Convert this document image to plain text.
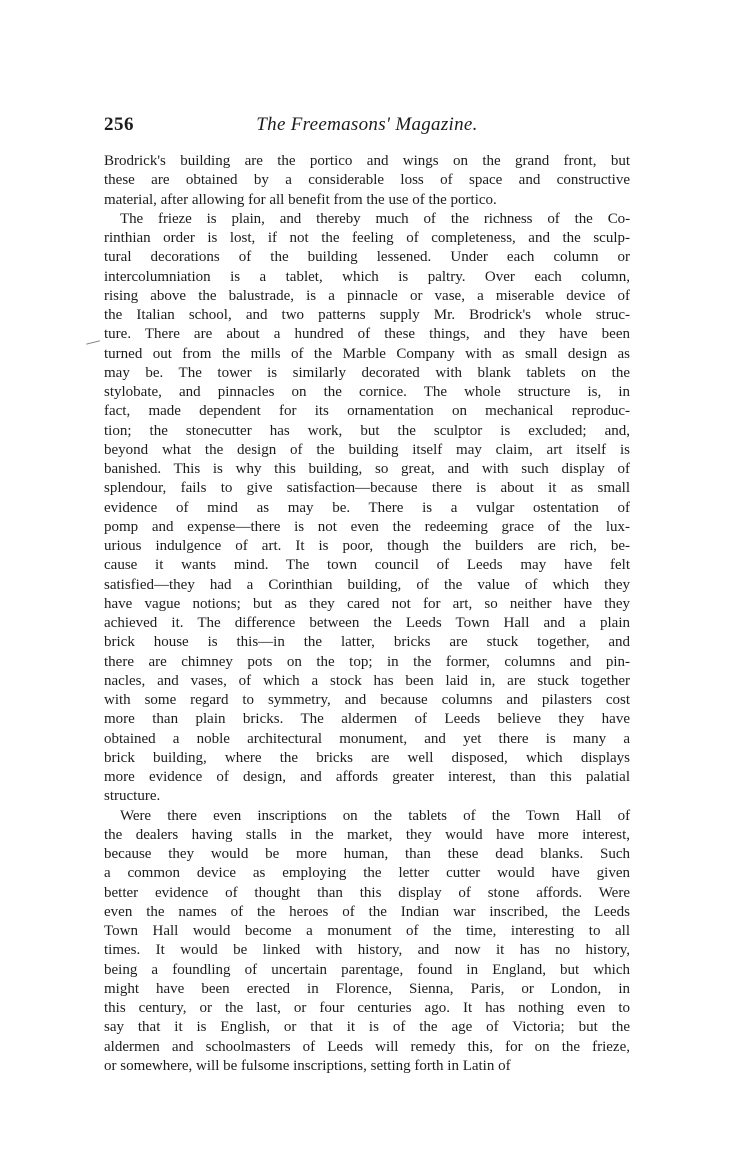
256	The Freemasons' Magazine.

Brodrick's building are the portico and wings on the grand front, but
these are obtained by a considerable loss of space and constructive
material, after allowing for all benefit from the use of the portico.

The frieze is plain, and thereby much of the richness of the Co-
rinthian order is lost, if not the feeling of completeness, and the sculp-
tural decorations of the building lessened. Under each column or
intercolumniation is a tablet, which is paltry. Over each column,
rising above the balustrade, is a pinnacle or vase, a miserable device of
the Italian school, and two patterns supply Mr. Brodrick's whole struc-
ture. There are about a hundred of these things, and they have been
turned out from the mills of the Marble Company with as small design as
may be. The tower is similarly decorated with blank tablets on the
stylobate, and pinnacles on the cornice. The whole structure is, in
fact, made dependent for its ornamentation on mechanical reproduc-
tion; the stonecutter has work, but the sculptor is excluded; and,
beyond what the design of the building itself may claim, art itself is
banished. This is why this building, so great, and with such display of
splendour, fails to give satisfaction—because there is about it as small
evidence of mind as may be. There is a vulgar ostentation of
pomp and expense—there is not even the redeeming grace of the lux-
urious indulgence of art. It is poor, though the builders are rich, be-
cause it wants mind. The town council of Leeds may have felt
satisfied—they had a Corinthian building, of the value of which they
have vague notions; but as they cared not for art, so neither have they
achieved it. The difference between the Leeds Town Hall and a plain
brick house is this—in the latter, bricks are stuck together, and
there are chimney pots on the top; in the former, columns and pin-
nacles, and vases, of which a stock has been laid in, are stuck together
with some regard to symmetry, and because columns and pilasters cost
more than plain bricks. The aldermen of Leeds believe they have
obtained a noble architectural monument, and yet there is many a
brick building, where the bricks are well disposed, which displays
more evidence of design, and affords greater interest, than this palatial
structure.

Were there even inscriptions on the tablets of the Town Hall of
the dealers having stalls in the market, they would have more interest,
because they would be more human, than these dead blanks. Such
a common device as employing the letter cutter would have given
better evidence of thought than this display of stone affords. Were
even the names of the heroes of the Indian war inscribed, the Leeds
Town Hall would become a monument of the time, interesting to all
times. It would be linked with history, and now it has no history,
being a foundling of uncertain parentage, found in England, but which
might have been erected in Florence, Sienna, Paris, or London, in
this century, or the last, or four centuries ago. It has nothing even to
say that it is English, or that it is of the age of Victoria; but the
aldermen and schoolmasters of Leeds will remedy this, for on the frieze,
or somewhere, will be fulsome inscriptions, setting forth in Latin of
